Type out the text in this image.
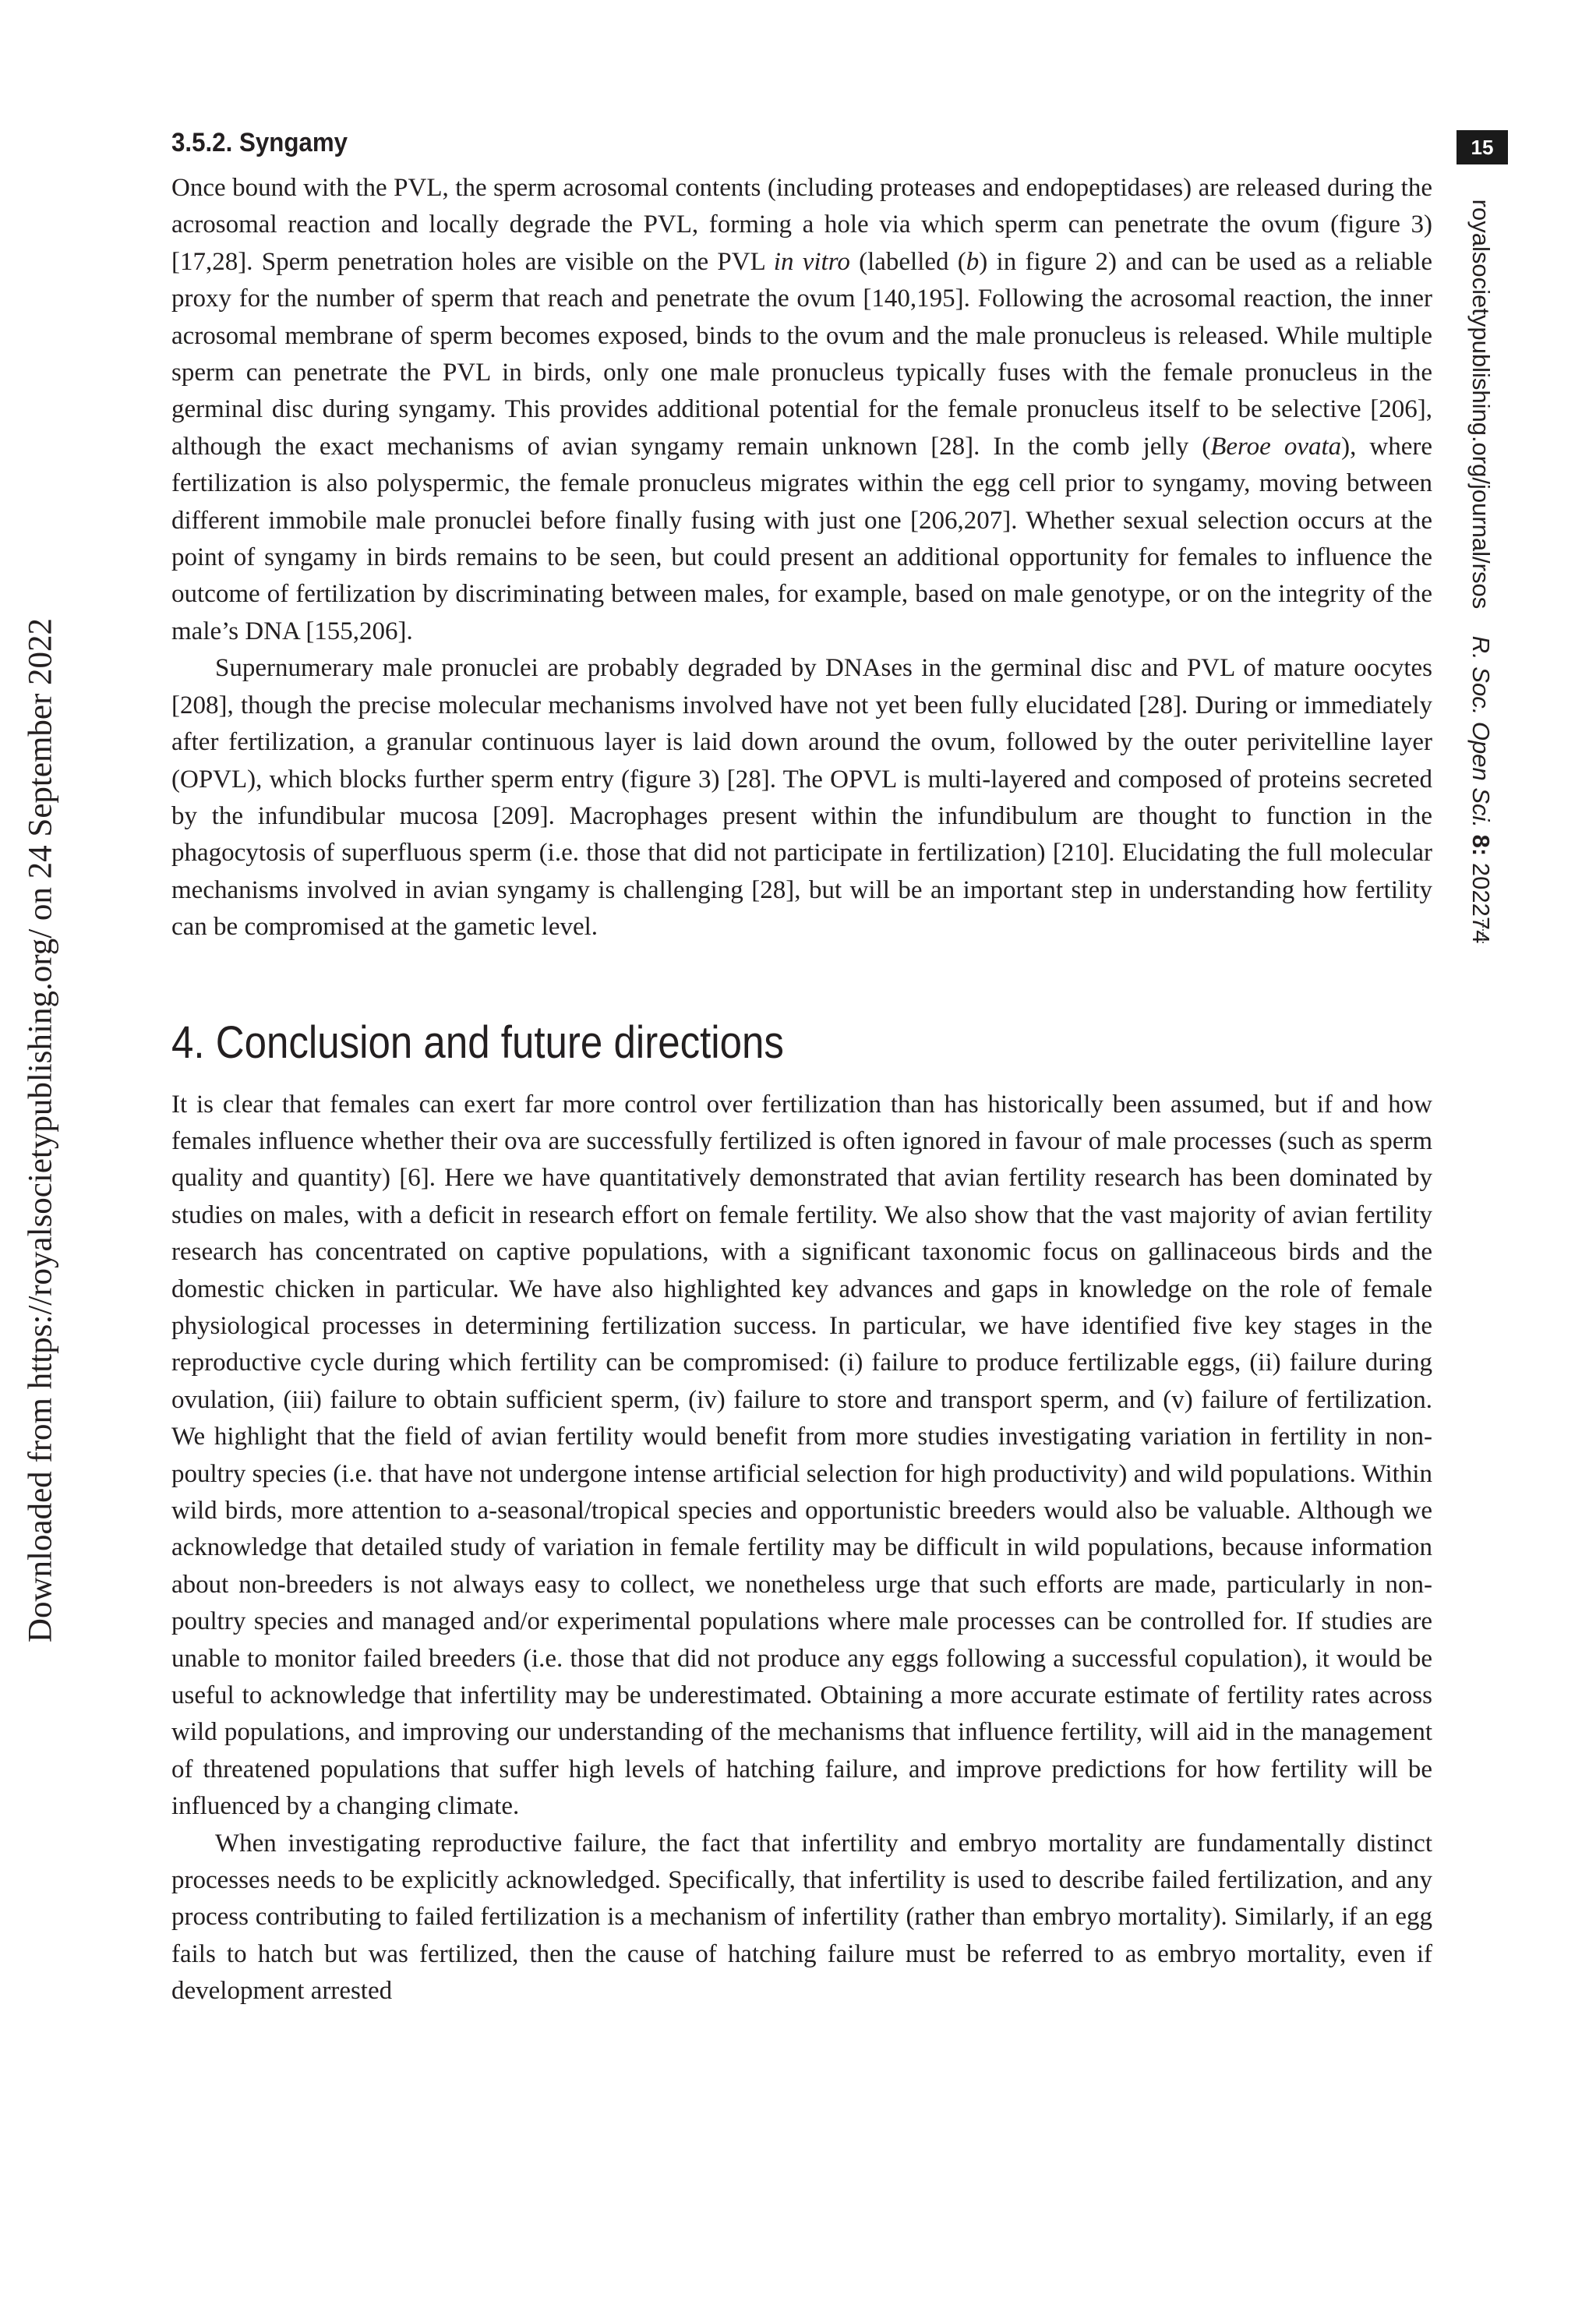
Downloaded from https://royalsocietypublishing.org/ on 24 September 2022
15
royalsocietypublishing.org/journal/rsos    R. Soc. Open Sci. 8: 202274
3.5.2. Syngamy

Once bound with the PVL, the sperm acrosomal contents (including proteases and endopeptidases) are released during the acrosomal reaction and locally degrade the PVL, forming a hole via which sperm can penetrate the ovum (figure 3) [17,28]. Sperm penetration holes are visible on the PVL in vitro (labelled (b) in figure 2) and can be used as a reliable proxy for the number of sperm that reach and penetrate the ovum [140,195]. Following the acrosomal reaction, the inner acrosomal membrane of sperm becomes exposed, binds to the ovum and the male pronucleus is released. While multiple sperm can penetrate the PVL in birds, only one male pronucleus typically fuses with the female pronucleus in the germinal disc during syngamy. This provides additional potential for the female pronucleus itself to be selective [206], although the exact mechanisms of avian syngamy remain unknown [28]. In the comb jelly (Beroe ovata), where fertilization is also polyspermic, the female pronucleus migrates within the egg cell prior to syngamy, moving between different immobile male pronuclei before finally fusing with just one [206,207]. Whether sexual selection occurs at the point of syngamy in birds remains to be seen, but could present an additional opportunity for females to influence the outcome of fertilization by discriminating between males, for example, based on male genotype, or on the integrity of the male’s DNA [155,206].

Supernumerary male pronuclei are probably degraded by DNAses in the germinal disc and PVL of mature oocytes [208], though the precise molecular mechanisms involved have not yet been fully elucidated [28]. During or immediately after fertilization, a granular continuous layer is laid down around the ovum, followed by the outer perivitelline layer (OPVL), which blocks further sperm entry (figure 3) [28]. The OPVL is multi-layered and composed of proteins secreted by the infundibular mucosa [209]. Macrophages present within the infundibulum are thought to function in the phagocytosis of superfluous sperm (i.e. those that did not participate in fertilization) [210]. Elucidating the full molecular mechanisms involved in avian syngamy is challenging [28], but will be an important step in understanding how fertility can be compromised at the gametic level.

4. Conclusion and future directions

It is clear that females can exert far more control over fertilization than has historically been assumed, but if and how females influence whether their ova are successfully fertilized is often ignored in favour of male processes (such as sperm quality and quantity) [6]. Here we have quantitatively demonstrated that avian fertility research has been dominated by studies on males, with a deficit in research effort on female fertility. We also show that the vast majority of avian fertility research has concentrated on captive populations, with a significant taxonomic focus on gallinaceous birds and the domestic chicken in particular. We have also highlighted key advances and gaps in knowledge on the role of female physiological processes in determining fertilization success. In particular, we have identified five key stages in the reproductive cycle during which fertility can be compromised: (i) failure to produce fertilizable eggs, (ii) failure during ovulation, (iii) failure to obtain sufficient sperm, (iv) failure to store and transport sperm, and (v) failure of fertilization. We highlight that the field of avian fertility would benefit from more studies investigating variation in fertility in non-poultry species (i.e. that have not undergone intense artificial selection for high productivity) and wild populations. Within wild birds, more attention to a-seasonal/tropical species and opportunistic breeders would also be valuable. Although we acknowledge that detailed study of variation in female fertility may be difficult in wild populations, because information about non-breeders is not always easy to collect, we nonetheless urge that such efforts are made, particularly in non-poultry species and managed and/or experimental populations where male processes can be controlled for. If studies are unable to monitor failed breeders (i.e. those that did not produce any eggs following a successful copulation), it would be useful to acknowledge that infertility may be underestimated. Obtaining a more accurate estimate of fertility rates across wild populations, and improving our understanding of the mechanisms that influence fertility, will aid in the management of threatened populations that suffer high levels of hatching failure, and improve predictions for how fertility will be influenced by a changing climate.

When investigating reproductive failure, the fact that infertility and embryo mortality are fundamentally distinct processes needs to be explicitly acknowledged. Specifically, that infertility is used to describe failed fertilization, and any process contributing to failed fertilization is a mechanism of infertility (rather than embryo mortality). Similarly, if an egg fails to hatch but was fertilized, then the cause of hatching failure must be referred to as embryo mortality, even if development arrested
